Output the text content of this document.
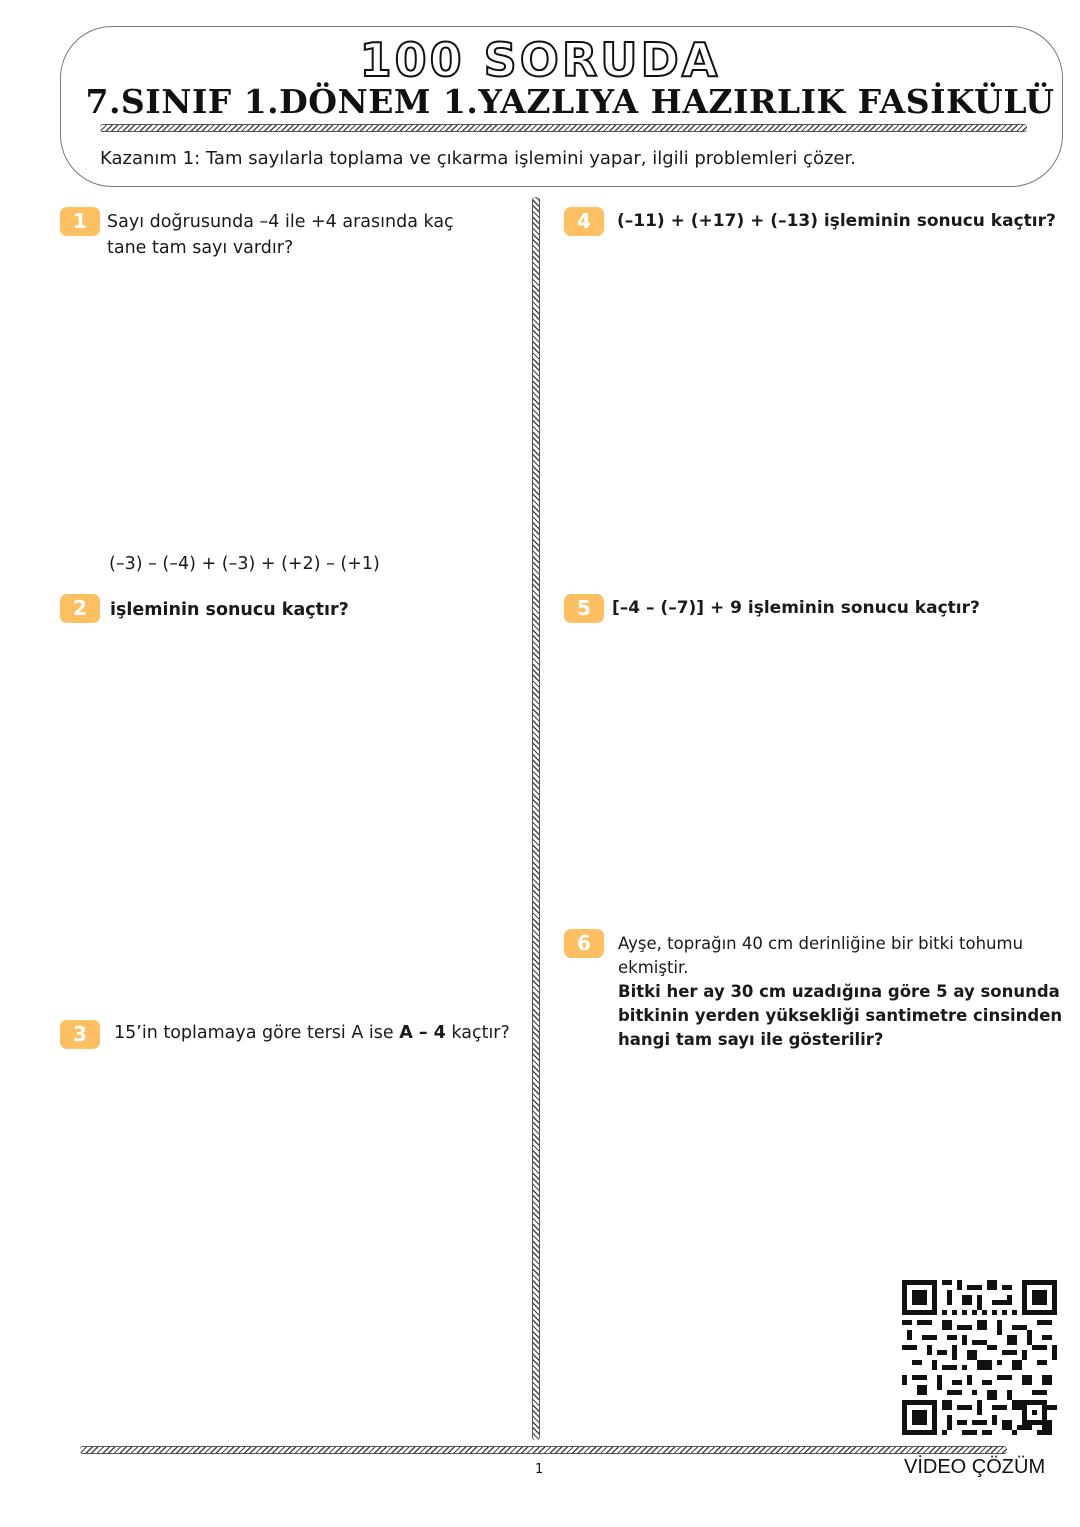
100 SORUDA
7.SINIF 1.DÖNEM 1.YAZLIYA HAZIRLIK FASİKÜLÜ
Kazanım 1: Tam sayılarla toplama ve çıkarma işlemini yapar, ilgili problemleri çözer.
1	Sayı doğrusunda –4 ile +4 arasında kaç
tane tam sayı vardır?
(–3) – (–4) + (–3) + (+2) – (+1)
2	işleminin sonucu kaçtır?
3	15’in toplamaya göre tersi A ise A – 4 kaçtır?
4	(–11) + (+17) + (–13) işleminin sonucu kaçtır?
5	[–4 – (–7)] + 9 işleminin sonucu kaçtır?
6	Ayşe, toprağın 40 cm derinliğine bir bitki tohumu
ekmiştir.
Bitki her ay 30 cm uzadığına göre 5 ay sonunda
bitkinin yerden yüksekliği santimetre cinsinden
hangi tam sayı ile gösterilir?
1	VİDEO ÇÖZÜM
